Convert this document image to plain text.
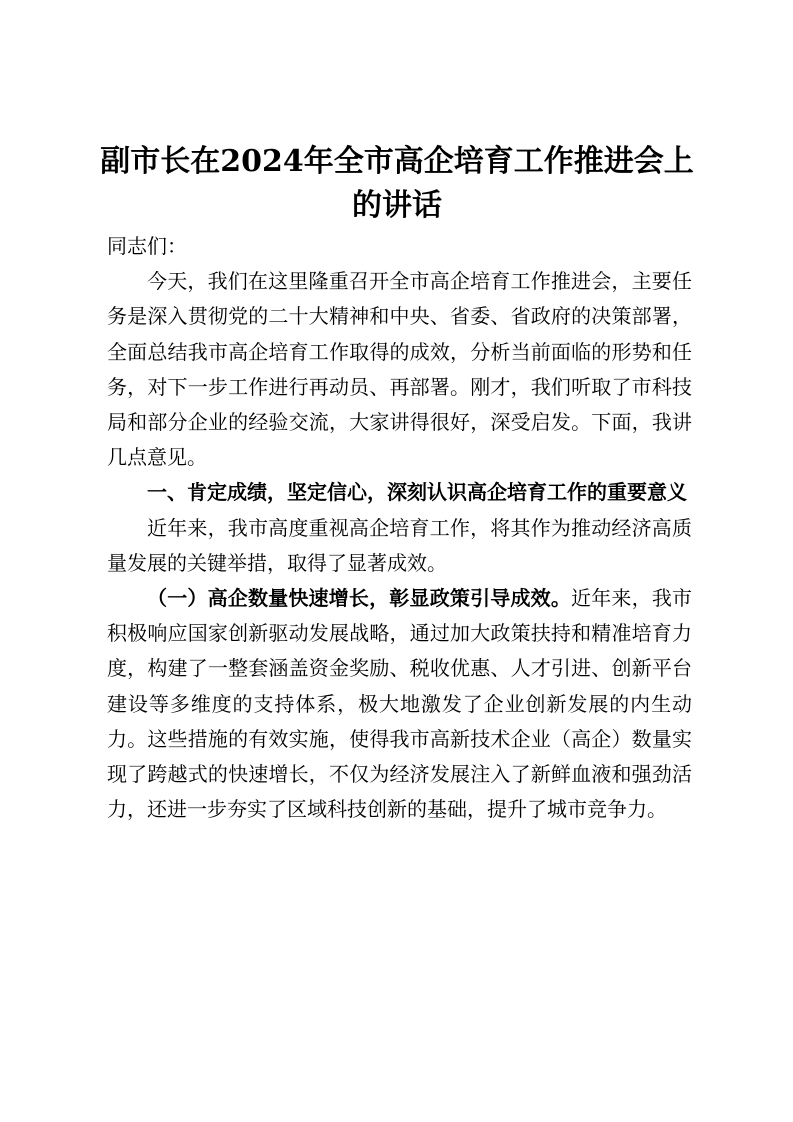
副市长在2024年全市高企培育工作推进会上的讲话

同志们：

今天，我们在这里隆重召开全市高企培育工作推进会，主要任务是深入贯彻党的二十大精神和中央、省委、省政府的决策部署，全面总结我市高企培育工作取得的成效，分析当前面临的形势和任务，对下一步工作进行再动员、再部署。刚才，我们听取了市科技局和部分企业的经验交流，大家讲得很好，深受启发。下面，我讲几点意见。

一、肯定成绩，坚定信心，深刻认识高企培育工作的重要意义

近年来，我市高度重视高企培育工作，将其作为推动经济高质量发展的关键举措，取得了显著成效。

（一）高企数量快速增长，彰显政策引导成效。近年来，我市积极响应国家创新驱动发展战略，通过加大政策扶持和精准培育力度，构建了一整套涵盖资金奖励、税收优惠、人才引进、创新平台建设等多维度的支持体系，极大地激发了企业创新发展的内生动力。这些措施的有效实施，使得我市高新技术企业（高企）数量实现了跨越式的快速增长，不仅为经济发展注入了新鲜血液和强劲活力，还进一步夯实了区域科技创新的基础，提升了城市竞争力。
